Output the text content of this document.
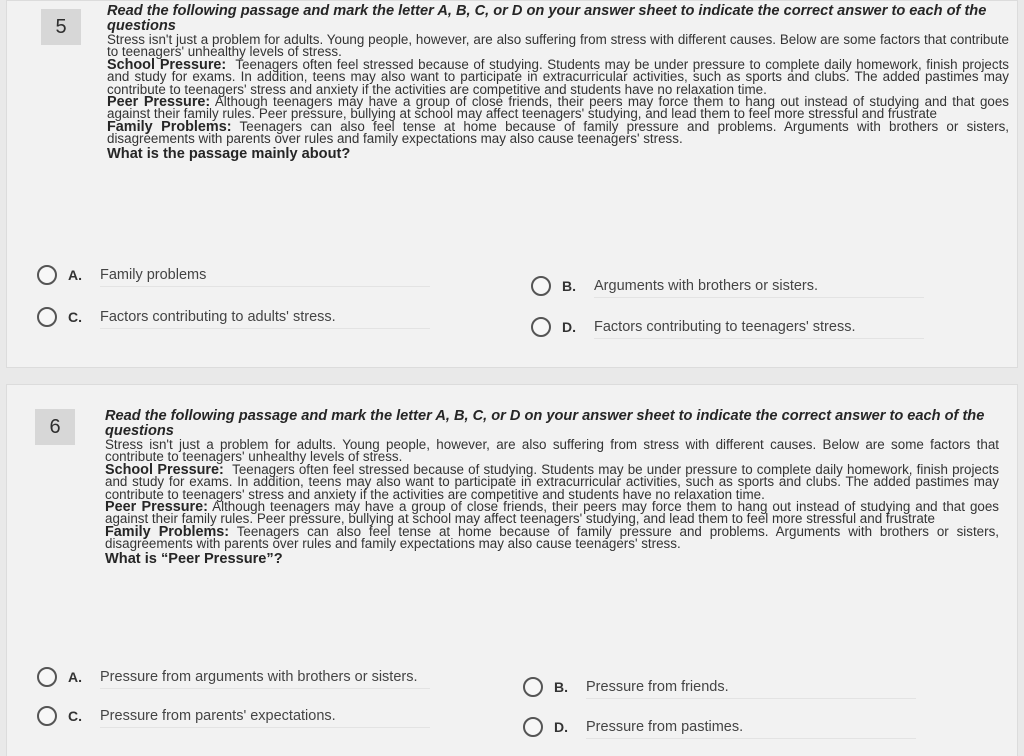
5
Read the following passage and mark the letter A, B, C, or D on your answer sheet to indicate the correct answer to each of the questions
Stress isn't just a problem for adults. Young people, however, are also suffering from stress with different causes. Below are some factors that contribute to teenagers' unhealthy levels of stress.
School Pressure: Teenagers often feel stressed because of studying. Students may be under pressure to complete daily homework, finish projects and study for exams. In addition, teens may also want to participate in extracurricular activities, such as sports and clubs. The added pastimes may contribute to teenagers' stress and anxiety if the activities are competitive and students have no relaxation time.
Peer Pressure: Although teenagers may have a group of close friends, their peers may force them to hang out instead of studying and that goes against their family rules. Peer pressure, bullying at school may affect teenagers' studying, and lead them to feel more stressful and frustrate
Family Problems: Teenagers can also feel tense at home because of family pressure and problems. Arguments with brothers or sisters, disagreements with parents over rules and family expectations may also cause teenagers' stress.
What is the passage mainly about?
A.	Family problems
B.	Arguments with brothers or sisters.
C.	Factors contributing to adults' stress.
D.	Factors contributing to teenagers' stress.
6	Read the following passage and mark the letter A, B, C, or D on your answer sheet to indicate the correct answer to each of the questions
Stress isn't just a problem for adults. Young people, however, are also suffering from stress with different causes. Below are some factors that contribute to teenagers' unhealthy levels of stress.
School Pressure: Teenagers often feel stressed because of studying. Students may be under pressure to complete daily homework, finish projects and study for exams. In addition, teens may also want to participate in extracurricular activities, such as sports and clubs. The added pastimes may contribute to teenagers' stress and anxiety if the activities are competitive and students have no relaxation time.
Peer Pressure: Although teenagers may have a group of close friends, their peers may force them to hang out instead of studying and that goes against their family rules. Peer pressure, bullying at school may affect teenagers' studying, and lead them to feel more stressful and frustrate
Family Problems: Teenagers can also feel tense at home because of family pressure and problems. Arguments with brothers or sisters, disagreements with parents over rules and family expectations may also cause teenagers' stress.
What is “Peer Pressure”?
A.	Pressure from arguments with brothers or sisters.
B.	Pressure from friends.
C.	Pressure from parents' expectations.
D.	Pressure from pastimes.
